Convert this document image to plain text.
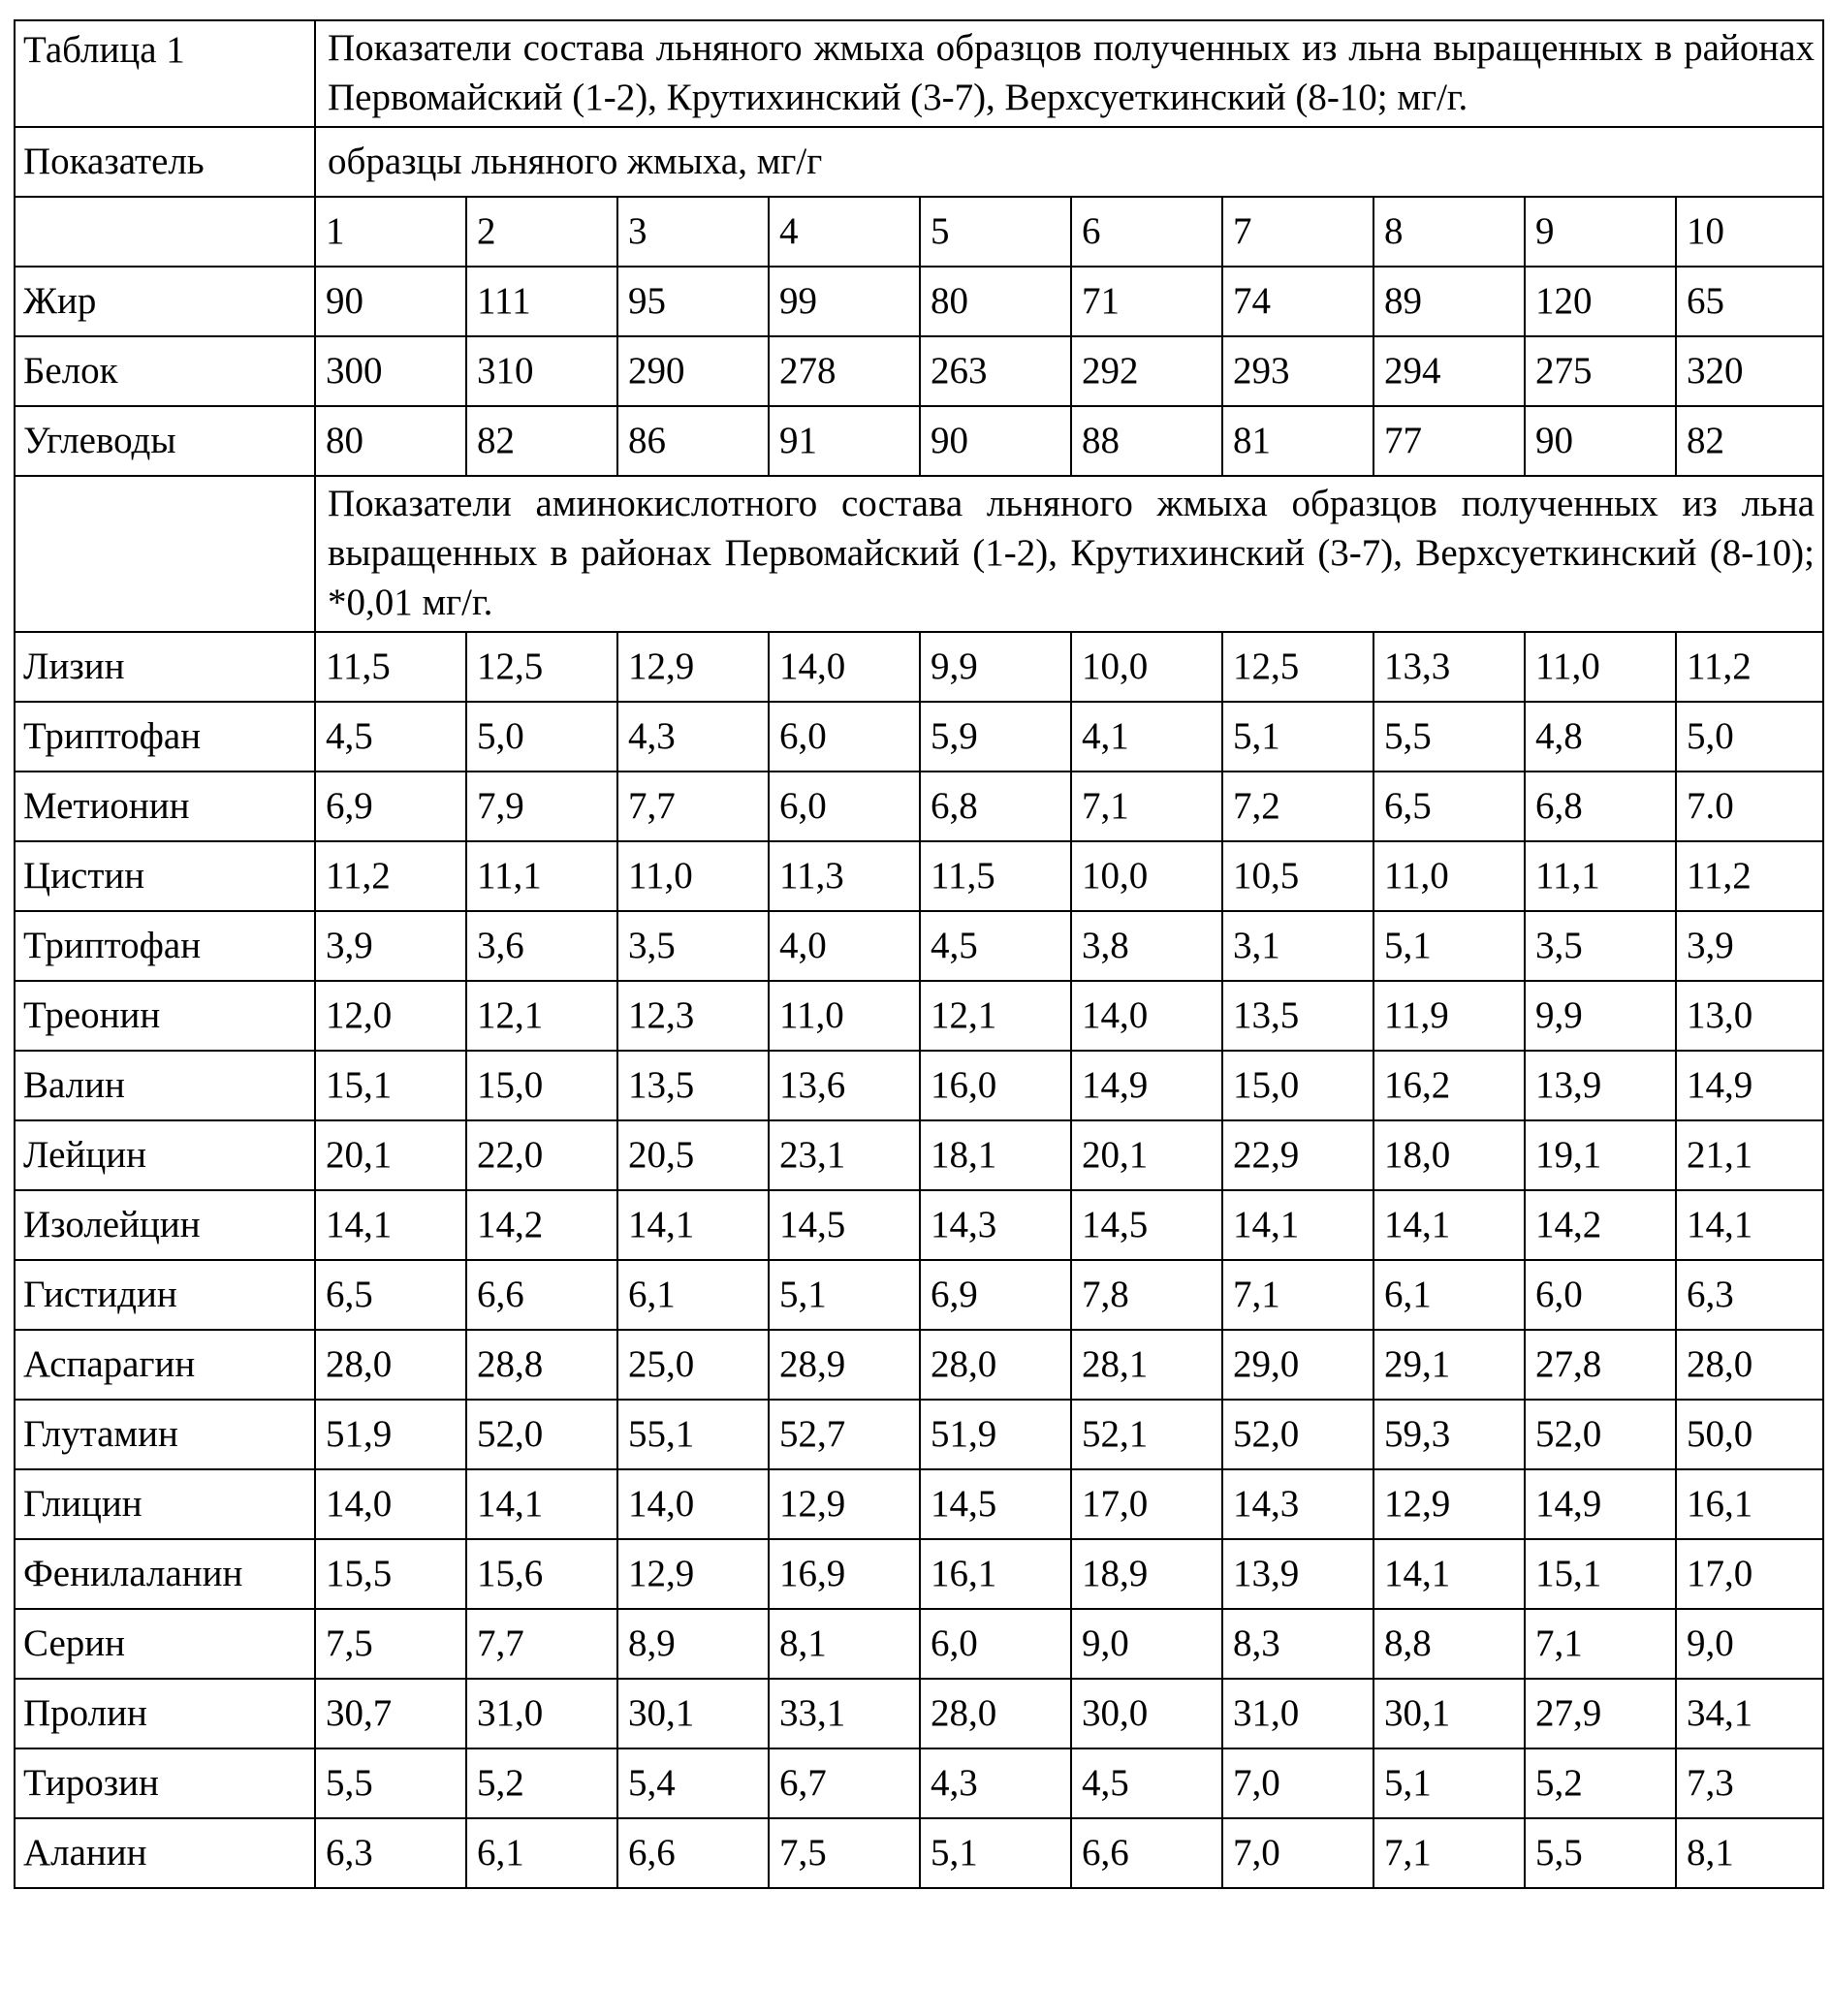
Таблица 1	Показатели состава льняного жмыха образцов полученных из льна выращенных в районах Первомайский (1-2), Крутихинский (3-7), Верхсуеткинский (8-10; мг/г.									
Показатель	образцы льняного жмыха, мг/г									
	1	2	3	4	5	6	7	8	9	10
Жир	90	111	95	99	80	71	74	89	120	65
Белок	300	310	290	278	263	292	293	294	275	320
Углеводы	80	82	86	91	90	88	81	77	90	82
	Показатели аминокислотного состава льняного жмыха образцов полученных из льна выращенных в районах Первомайский (1-2), Крутихинский (3-7), Верхсуеткинский (8-10); *0,01 мг/г.									
Лизин	11,5	12,5	12,9	14,0	9,9	10,0	12,5	13,3	11,0	11,2
Триптофан	4,5	5,0	4,3	6,0	5,9	4,1	5,1	5,5	4,8	5,0
Метионин	6,9	7,9	7,7	6,0	6,8	7,1	7,2	6,5	6,8	7.0
Цистин	11,2	11,1	11,0	11,3	11,5	10,0	10,5	11,0	11,1	11,2
Триптофан	3,9	3,6	3,5	4,0	4,5	3,8	3,1	5,1	3,5	3,9
Треонин	12,0	12,1	12,3	11,0	12,1	14,0	13,5	11,9	9,9	13,0
Валин	15,1	15,0	13,5	13,6	16,0	14,9	15,0	16,2	13,9	14,9
Лейцин	20,1	22,0	20,5	23,1	18,1	20,1	22,9	18,0	19,1	21,1
Изолейцин	14,1	14,2	14,1	14,5	14,3	14,5	14,1	14,1	14,2	14,1
Гистидин	6,5	6,6	6,1	5,1	6,9	7,8	7,1	6,1	6,0	6,3
Аспарагин	28,0	28,8	25,0	28,9	28,0	28,1	29,0	29,1	27,8	28,0
Глутамин	51,9	52,0	55,1	52,7	51,9	52,1	52,0	59,3	52,0	50,0
Глицин	14,0	14,1	14,0	12,9	14,5	17,0	14,3	12,9	14,9	16,1
Фенилаланин	15,5	15,6	12,9	16,9	16,1	18,9	13,9	14,1	15,1	17,0
Серин	7,5	7,7	8,9	8,1	6,0	9,0	8,3	8,8	7,1	9,0
Пролин	30,7	31,0	30,1	33,1	28,0	30,0	31,0	30,1	27,9	34,1
Тирозин	5,5	5,2	5,4	6,7	4,3	4,5	7,0	5,1	5,2	7,3
Аланин	6,3	6,1	6,6	7,5	5,1	6,6	7,0	7,1	5,5	8,1
